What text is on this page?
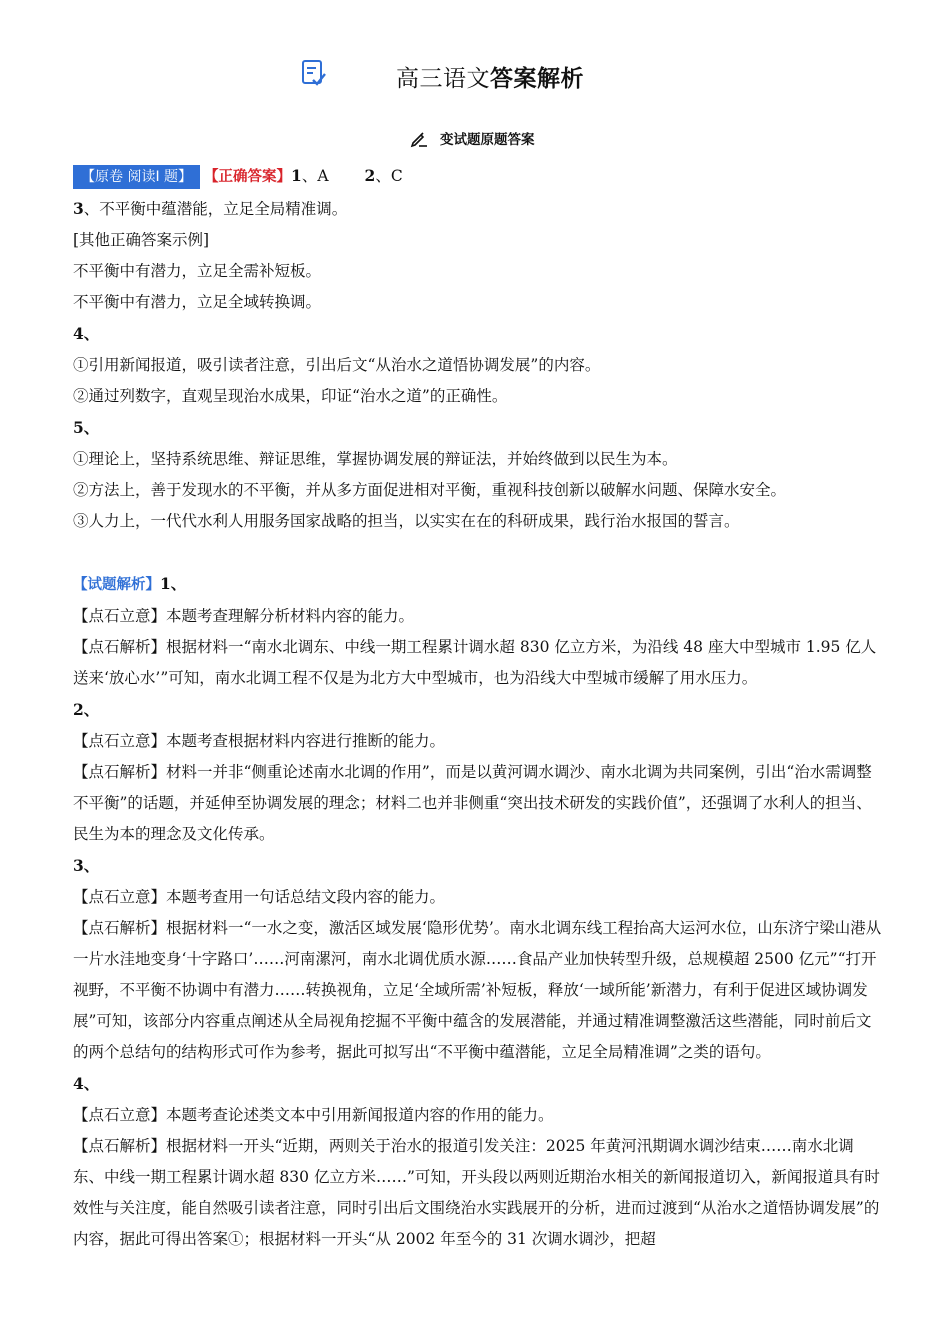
高三语文答案解析
变试题原题答案
【原卷 阅读Ⅰ 题】 【正确答案】1、A 2、C
3、不平衡中蕴潜能，立足全局精准调。
[其他正确答案示例]
不平衡中有潜力，立足全需补短板。
不平衡中有潜力，立足全域转换调。
4、
①引用新闻报道，吸引读者注意，引出后文“从治水之道悟协调发展”的内容。
②通过列数字，直观呈现治水成果，印证“治水之道”的正确性。
5、
①理论上，坚持系统思维、辩证思维，掌握协调发展的辩证法，并始终做到以民生为本。
②方法上，善于发现水的不平衡，并从多方面促进相对平衡，重视科技创新以破解水问题、保障水安全。
③人力上，一代代水利人用服务国家战略的担当，以实实在在的科研成果，践行治水报国的誓言。
【试题解析】1、
【点石立意】本题考查理解分析材料内容的能力。
【点石解析】根据材料一“南水北调东、中线一期工程累计调水超 830 亿立方米，为沿线 48 座大中型城市 1.95 亿人送来‘放心水’”可知，南水北调工程不仅是为北方大中型城市，也为沿线大中型城市缓解了用水压力。
2、
【点石立意】本题考查根据材料内容进行推断的能力。
【点石解析】材料一并非“侧重论述南水北调的作用”，而是以黄河调水调沙、南水北调为共同案例，引出“治水需调整不平衡”的话题，并延伸至协调发展的理念；材料二也并非侧重“突出技术研发的实践价值”，还强调了水利人的担当、民生为本的理念及文化传承。
3、
【点石立意】本题考查用一句话总结文段内容的能力。
【点石解析】根据材料一“一水之变，激活区域发展‘隐形优势’。南水北调东线工程抬高大运河水位，山东济宁梁山港从一片水洼地变身‘十字路口’……河南漯河，南水北调优质水源……食品产业加快转型升级，总规模超 2500 亿元”“打开视野，不平衡不协调中有潜力……转换视角，立足‘全域所需’补短板，释放‘一域所能’新潜力，有利于促进区域协调发展”可知，该部分内容重点阐述从全局视角挖掘不平衡中蕴含的发展潜能，并通过精准调整激活这些潜能，同时前后文的两个总结句的结构形式可作为参考，据此可拟写出“不平衡中蕴潜能，立足全局精准调”之类的语句。
4、
【点石立意】本题考查论述类文本中引用新闻报道内容的作用的能力。
【点石解析】根据材料一开头“近期，两则关于治水的报道引发关注：2025 年黄河汛期调水调沙结束……南水北调东、中线一期工程累计调水超 830 亿立方米……”可知，开头段以两则近期治水相关的新闻报道切入，新闻报道具有时效性与关注度，能自然吸引读者注意，同时引出后文围绕治水实践展开的分析，进而过渡到“从治水之道悟协调发展”的内容，据此可得出答案①；根据材料一开头“从 2002 年至今的 31 次调水调沙，把超
